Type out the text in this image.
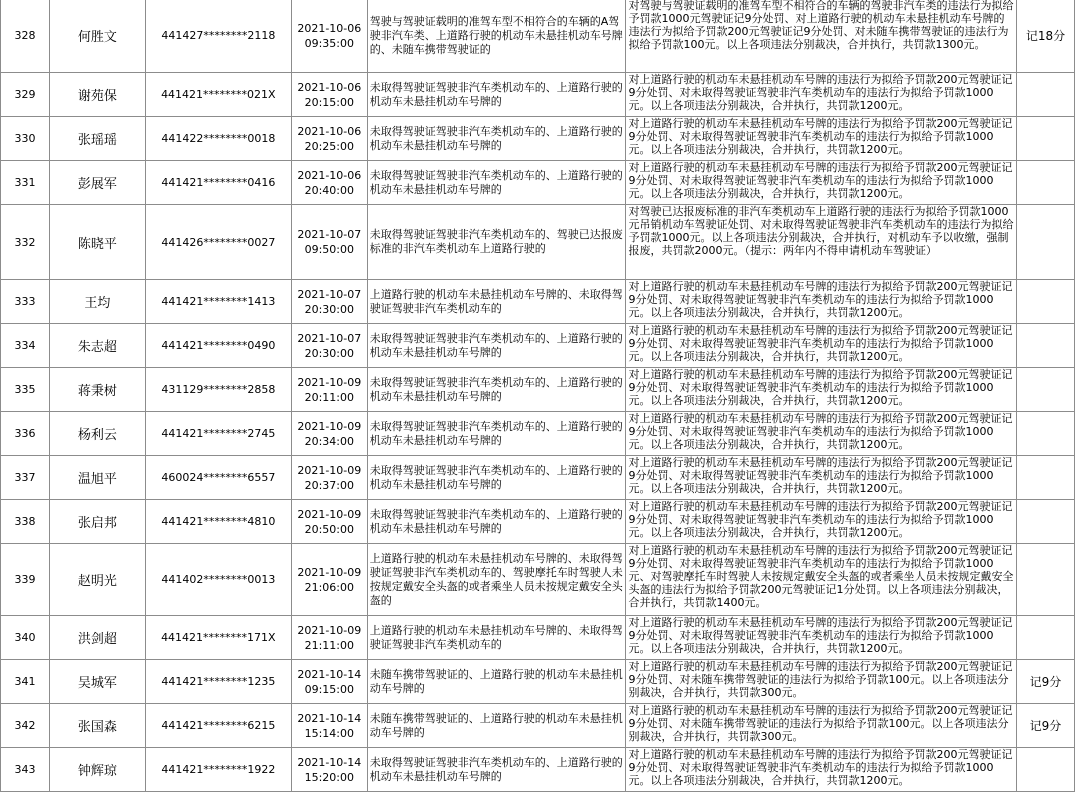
328	何胜文	441427********2118	2021-10-06
09:35:00	驾驶与驾驶证载明的准驾车型不相符合的车辆的A驾驶非汽车类、上道路行驶的机动车未悬挂机动车号牌的、未随车携带驾驶证的	对驾驶与驾驶证载明的准驾车型不相符合的车辆的驾驶非汽车类的违法行为拟给予罚款1000元驾驶证记9分处罚、对上道路行驶的机动车未悬挂机动车号牌的违法行为拟给予罚款200元驾驶证记9分处罚、对未随车携带驾驶证的违法行为拟给予罚款100元。以上各项违法分别裁决，合并执行，共罚款1300元。	记18分
329	谢苑保	441421********021X	2021-10-06
20:15:00	未取得驾驶证驾驶非汽车类机动车的、上道路行驶的机动车未悬挂机动车号牌的	对上道路行驶的机动车未悬挂机动车号牌的违法行为拟给予罚款200元驾驶证记9分处罚、对未取得驾驶证驾驶非汽车类机动车的违法行为拟给予罚款1000元。以上各项违法分别裁决，合并执行，共罚款1200元。	

330	张瑶瑶	441422********0018	2021-10-06
20:25:00	未取得驾驶证驾驶非汽车类机动车的、上道路行驶的机动车未悬挂机动车号牌的	对上道路行驶的机动车未悬挂机动车号牌的违法行为拟给予罚款200元驾驶证记9分处罚、对未取得驾驶证驾驶非汽车类机动车的违法行为拟给予罚款1000元。以上各项违法分别裁决，合并执行，共罚款1200元。	

331	彭展军	441421********0416	2021-10-06
20:40:00	未取得驾驶证驾驶非汽车类机动车的、上道路行驶的机动车未悬挂机动车号牌的	对上道路行驶的机动车未悬挂机动车号牌的违法行为拟给予罚款200元驾驶证记9分处罚、对未取得驾驶证驾驶非汽车类机动车的违法行为拟给予罚款1000元。以上各项违法分别裁决，合并执行，共罚款1200元。	

332	陈晓平	441426********0027	2021-10-07
09:50:00	未取得驾驶证驾驶非汽车类机动车的、驾驶已达报废标准的非汽车类机动车上道路行驶的	对驾驶已达报废标准的非汽车类机动车上道路行驶的违法行为拟给予罚款1000元吊销机动车驾驶证处罚、对未取得驾驶证驾驶非汽车类机动车的违法行为拟给予罚款1000元。以上各项违法分别裁决，合并执行，对机动车予以收缴，强制报废，共罚款2000元。（提示：两年内不得申请机动车驾驶证）	

333	王均	441421********1413	2021-10-07
20:30:00	上道路行驶的机动车未悬挂机动车号牌的、未取得驾驶证驾驶非汽车类机动车的	对上道路行驶的机动车未悬挂机动车号牌的违法行为拟给予罚款200元驾驶证记9分处罚、对未取得驾驶证驾驶非汽车类机动车的违法行为拟给予罚款1000元。以上各项违法分别裁决，合并执行，共罚款1200元。	

334	朱志超	441421********0490	2021-10-07
20:30:00	未取得驾驶证驾驶非汽车类机动车的、上道路行驶的机动车未悬挂机动车号牌的	对上道路行驶的机动车未悬挂机动车号牌的违法行为拟给予罚款200元驾驶证记9分处罚、对未取得驾驶证驾驶非汽车类机动车的违法行为拟给予罚款1000元。以上各项违法分别裁决，合并执行，共罚款1200元。	

335	蒋秉树	431129********2858	2021-10-09
20:11:00	未取得驾驶证驾驶非汽车类机动车的、上道路行驶的机动车未悬挂机动车号牌的	对上道路行驶的机动车未悬挂机动车号牌的违法行为拟给予罚款200元驾驶证记9分处罚、对未取得驾驶证驾驶非汽车类机动车的违法行为拟给予罚款1000元。以上各项违法分别裁决，合并执行，共罚款1200元。	

336	杨利云	441421********2745	2021-10-09
20:34:00	未取得驾驶证驾驶非汽车类机动车的、上道路行驶的机动车未悬挂机动车号牌的	对上道路行驶的机动车未悬挂机动车号牌的违法行为拟给予罚款200元驾驶证记9分处罚、对未取得驾驶证驾驶非汽车类机动车的违法行为拟给予罚款1000元。以上各项违法分别裁决，合并执行，共罚款1200元。	

337	温旭平	460024********6557	2021-10-09
20:37:00	未取得驾驶证驾驶非汽车类机动车的、上道路行驶的机动车未悬挂机动车号牌的	对上道路行驶的机动车未悬挂机动车号牌的违法行为拟给予罚款200元驾驶证记9分处罚、对未取得驾驶证驾驶非汽车类机动车的违法行为拟给予罚款1000元。以上各项违法分别裁决，合并执行，共罚款1200元。	

338	张启邦	441421********4810	2021-10-09
20:50:00	未取得驾驶证驾驶非汽车类机动车的、上道路行驶的机动车未悬挂机动车号牌的	对上道路行驶的机动车未悬挂机动车号牌的违法行为拟给予罚款200元驾驶证记9分处罚、对未取得驾驶证驾驶非汽车类机动车的违法行为拟给予罚款1000元。以上各项违法分别裁决，合并执行，共罚款1200元。	

339	赵明光	441402********0013	2021-10-09
21:06:00	上道路行驶的机动车未悬挂机动车号牌的、未取得驾驶证驾驶非汽车类机动车的、驾驶摩托车时驾驶人未按规定戴安全头盔的或者乘坐人员未按规定戴安全头盔的	对上道路行驶的机动车未悬挂机动车号牌的违法行为拟给予罚款200元驾驶证记9分处罚、对未取得驾驶证驾驶非汽车类机动车的违法行为拟给予罚款1000元、对驾驶摩托车时驾驶人未按规定戴安全头盔的或者乘坐人员未按规定戴安全头盔的违法行为拟给予罚款200元驾驶证记1分处罚。以上各项违法分别裁决，合并执行，共罚款1400元。	

340	洪剑超	441421********171X	2021-10-09
21:11:00	上道路行驶的机动车未悬挂机动车号牌的、未取得驾驶证驾驶非汽车类机动车的	对上道路行驶的机动车未悬挂机动车号牌的违法行为拟给予罚款200元驾驶证记9分处罚、对未取得驾驶证驾驶非汽车类机动车的违法行为拟给予罚款1000元。以上各项违法分别裁决，合并执行，共罚款1200元。	

341	吴城军	441421********1235	2021-10-14
09:15:00	未随车携带驾驶证的、上道路行驶的机动车未悬挂机动车号牌的	对上道路行驶的机动车未悬挂机动车号牌的违法行为拟给予罚款200元驾驶证记9分处罚、对未随车携带驾驶证的违法行为拟给予罚款100元。以上各项违法分别裁决，合并执行，共罚款300元。	记9分
342	张国森	441421********6215	2021-10-14
15:14:00	未随车携带驾驶证的、上道路行驶的机动车未悬挂机动车号牌的	对上道路行驶的机动车未悬挂机动车号牌的违法行为拟给予罚款200元驾驶证记9分处罚、对未随车携带驾驶证的违法行为拟给予罚款100元。以上各项违法分别裁决，合并执行，共罚款300元。	记9分
343	钟辉琼	441421********1922	2021-10-14
15:20:00	未取得驾驶证驾驶非汽车类机动车的、上道路行驶的机动车未悬挂机动车号牌的	对上道路行驶的机动车未悬挂机动车号牌的违法行为拟给予罚款200元驾驶证记9分处罚、对未取得驾驶证驾驶非汽车类机动车的违法行为拟给予罚款1000元。以上各项违法分别裁决，合并执行，共罚款1200元。	
